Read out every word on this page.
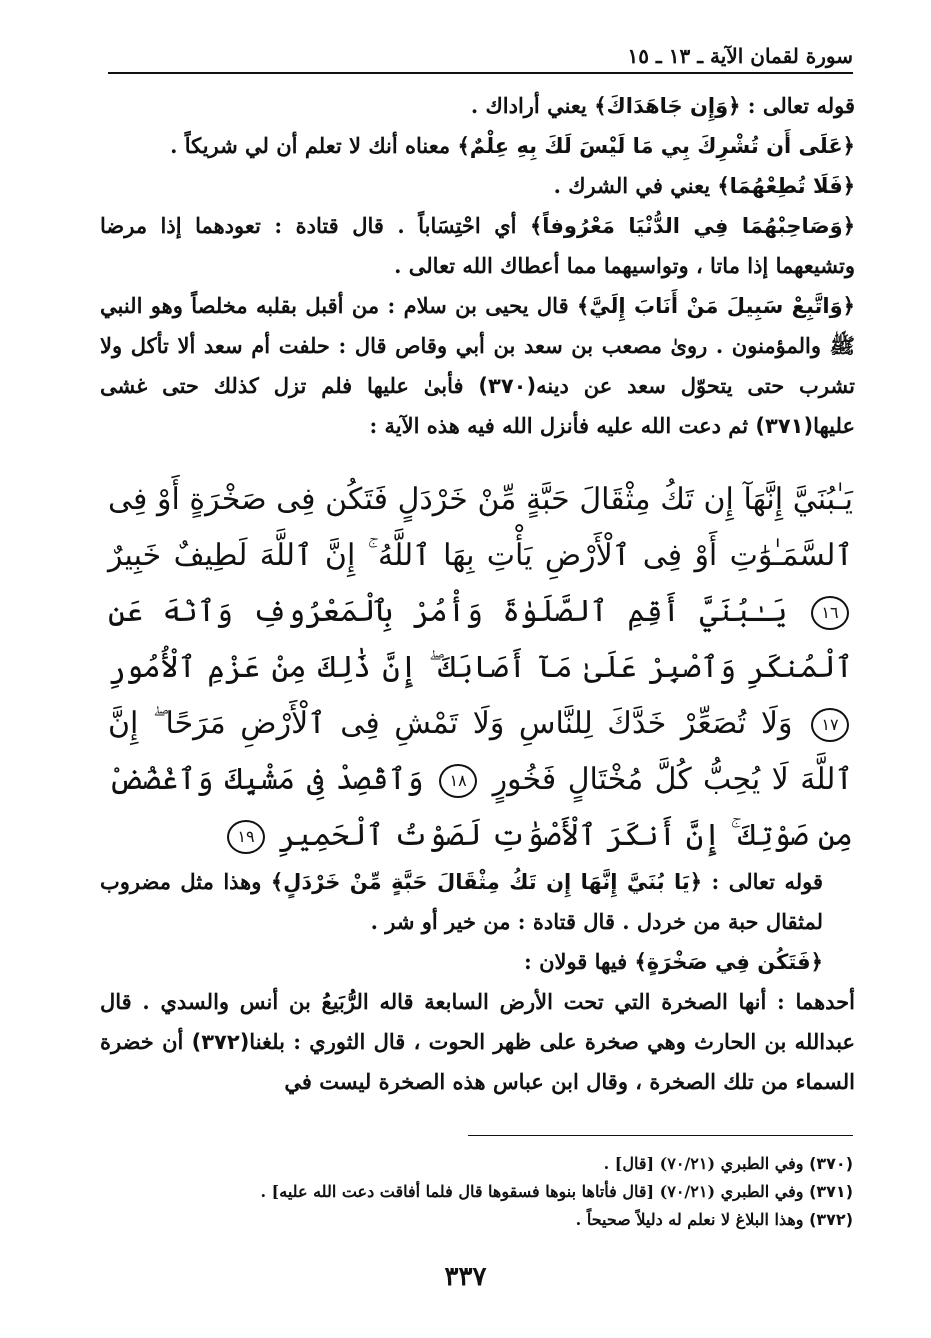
سورة لقمان الآية ـ ١٣ ـ ١٥

قوله تعالى : ﴿وَإِن جَاهَدَاكَ﴾ يعني أراداك .

﴿عَلَى أَن تُشْرِكَ بِي مَا لَيْسَ لَكَ بِهِ عِلْمٌ﴾ معناه أنك لا تعلم أن لي شريكاً .

﴿فَلَا تُطِعْهُمَا﴾ يعني في الشرك .

﴿وَصَاحِبْهُمَا فِي الدُّنْيَا مَعْرُوفاً﴾ أي احْتِسَاباً . قال قتادة : تعودهما إذا مرضا وتشيعهما إذا ماتا ، وتواسيهما مما أعطاك الله تعالى .

﴿وَاتَّبِعْ سَبِيلَ مَنْ أَنَابَ إِلَيَّ﴾ قال يحيى بن سلام : من أقبل بقلبه مخلصاً وهو النبي ﷺ والمؤمنون . روىٰ مصعب بن سعد بن أبي وقاص قال : حلفت أم سعد ألا تأكل ولا تشرب حتى يتحوّل سعد عن دينه(٣٧٠) فأبىٰ عليها فلم تزل كذلك حتى غشى عليها(٣٧١) ثم دعت الله عليه فأنزل الله فيه هذه الآية :

يَـٰبُنَيَّ إِنَّهَآ إِن تَكُ مِثْقَالَ حَبَّةٍ مِّنْ خَرْدَلٍ فَتَكُن فِى صَخْرَةٍ أَوْ فِى ٱلسَّمَـٰوَٰتِ أَوْ فِى ٱلْأَرْضِ يَأْتِ بِهَا ٱللَّهُ ۚ إِنَّ ٱللَّهَ لَطِيفٌ خَبِيرٌ ١٦ يَـٰبُنَيَّ أَقِمِ ٱلصَّلَوٰةَ وَأْمُرْ بِٱلْمَعْرُوفِ وَٱنْهَ عَنِ ٱلْمُنكَرِ وَٱصْبِرْ عَلَىٰ مَآ أَصَابَكَ ۖ إِنَّ ذَٰلِكَ مِنْ عَزْمِ ٱلْأُمُورِ ١٧ وَلَا تُصَعِّرْ خَدَّكَ لِلنَّاسِ وَلَا تَمْشِ فِى ٱلْأَرْضِ مَرَحًا ۖ إِنَّ ٱللَّهَ لَا يُحِبُّ كُلَّ مُخْتَالٍ فَخُورٍ ١٨ وَٱقْصِدْ فِى مَشْيِكَ وَٱغْضُضْ مِن صَوْتِكَ ۚ إِنَّ أَنكَرَ ٱلْأَصْوَٰتِ لَصَوْتُ ٱلْحَمِيرِ ١٩

قوله تعالى : ﴿يَا بُنَيَّ إِنَّهَا إِن تَكُ مِثْقَالَ حَبَّةٍ مِّنْ خَرْدَلٍ﴾ وهذا مثل مضروب لمثقال حبة من خردل . قال قتادة : من خير أو شر .

﴿فَتَكُن فِي صَخْرَةٍ﴾ فيها قولان :

أحدهما : أنها الصخرة التي تحت الأرض السابعة قاله الرُّبَيعُ بن أنس والسدي . قال عبدالله بن الحارث وهي صخرة على ظهر الحوت ، قال الثوري : بلغنا(٣٧٢) أن خضرة السماء من تلك الصخرة ، وقال ابن عباس هذه الصخرة ليست في

(٣٧٠) وفي الطبري (٧٠/٢١) [قال] .

(٣٧١) وفي الطبري (٧٠/٢١) [قال فأتاها بنوها فسقوها قال فلما أفاقت دعت الله عليه] .

(٣٧٢) وهذا البلاغ لا نعلم له دليلاً صحيحاً .

٣٣٧
